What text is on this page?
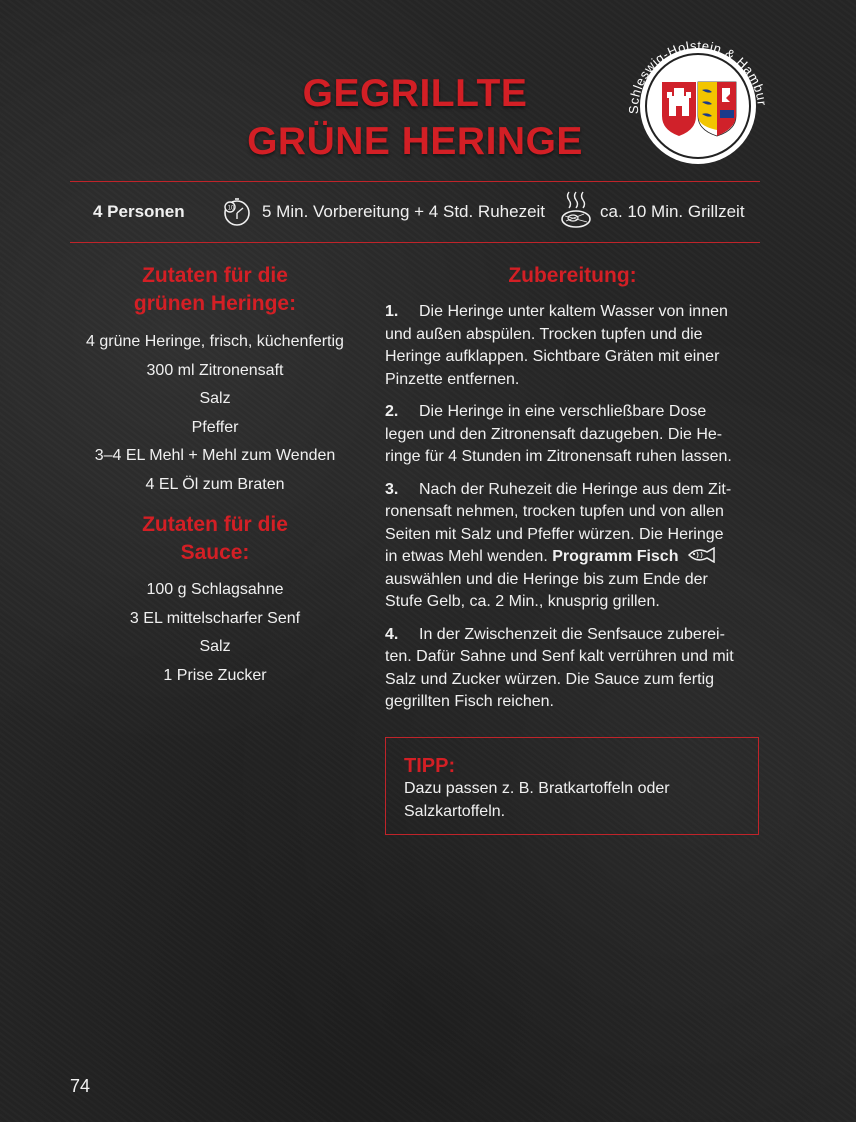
GEGRILLTE
GRÜNE HERINGE
Schleswig-Holstein & Hambur
4 Personen	10 5 Min. Vorbereitung + 4 Std. Ruhezeit	ca. 10 Min. Grillzeit
Zutaten für die
grünen Heringe:
4 grüne Heringe, frisch, küchenfertig
300 ml Zitronensaft
Salz
Pfeffer
3–4 EL Mehl + Mehl zum Wenden
4 EL Öl zum Braten
Zutaten für die
Sauce:
100 g Schlagsahne
3 EL mittelscharfer Senf
Salz
1 Prise Zucker
Zubereitung:
1. Die Heringe unter kaltem Wasser von innen
und außen abspülen. Trocken tupfen und die
Heringe aufklappen. Sichtbare Gräten mit einer
Pinzette entfernen.
2. Die Heringe in eine verschließbare Dose
legen und den Zitronensaft dazugeben. Die He-
ringe für 4 Stunden im Zitronensaft ruhen lassen.
3. Nach der Ruhezeit die Heringe aus dem Zit-
ronensaft nehmen, trocken tupfen und von allen
Seiten mit Salz und Pfeffer würzen. Die Heringe
in etwas Mehl wenden. Programm Fisch
auswählen und die Heringe bis zum Ende der
Stufe Gelb, ca. 2 Min., knusprig grillen.
4. In der Zwischenzeit die Senfsauce zuberei-
ten. Dafür Sahne und Senf kalt verrühren und mit
Salz und Zucker würzen. Die Sauce zum fertig
gegrillten Fisch reichen.
TIPP:
Dazu passen z. B. Bratkartoffeln oder
Salzkartoffeln.
74
